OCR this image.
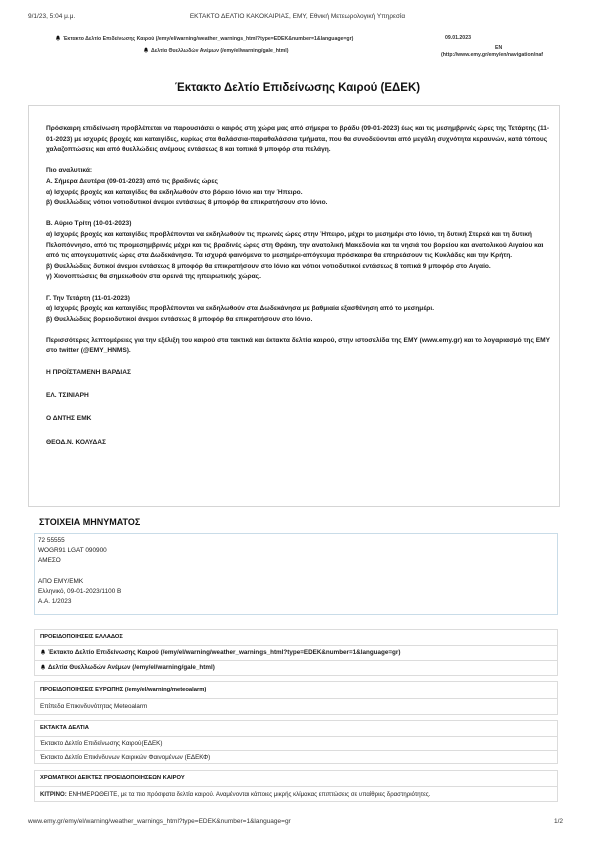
9/1/23, 5:04 μ.μ.	ΕΚΤΑΚΤΟ ΔΕΛΤΙΟ ΚΑΚΟΚΑΙΡΙΑΣ, ΕΜΥ, Εθνική Μετεωρολογική Υπηρεσία
Έκτακτο Δελτίο Επιδείνωσης Καιρού (/emy/el/warning/weather_warnings_html?type=EDEK&number=1&language=gr)
Δελτία Θυελλωδών Ανέμων (/emy/el/warning/gale_html)
09.01.2023
EN
(http://www.emy.gr/emy/en/navigation/naf
Έκτακτο Δελτίο Επιδείνωσης Καιρού (ΕΔΕΚ)

Πρόσκαιρη επιδείνωση προβλέπεται να παρουσιάσει ο καιρός στη χώρα μας από σήμερα το βράδυ (09-01-2023) έως και τις μεσημβρινές ώρες της Τετάρτης (11-01-2023) με ισχυρές βροχές και καταιγίδες, κυρίως στα θαλάσσια-παραθαλάσσια τμήματα, που θα συνοδεύονται από μεγάλη συχνότητα κεραυνών, κατά τόπους χαλαζοπτώσεις και από θυελλώδεις ανέμους εντάσεως 8 και τοπικά 9 μποφόρ στα πελάγη.

Πιο αναλυτικά:
Α. Σήμερα Δευτέρα (09-01-2023) από τις βραδινές ώρες
α) Ισχυρές βροχές και καταιγίδες θα εκδηλωθούν στο βόρειο Ιόνιο και την Ήπειρο.
β) Θυελλώδεις νότιοι νοτιοδυτικοί άνεμοι εντάσεως 8 μποφόρ θα επικρατήσουν στο Ιόνιο.

Β. Αύριο Τρίτη (10-01-2023)
α) Ισχυρές βροχές και καταιγίδες προβλέπονται να εκδηλωθούν τις πρωινές ώρες στην Ήπειρο, μέχρι το μεσημέρι στο Ιόνιο, τη δυτική Στερεά και τη δυτική Πελοπόννησο, από τις προμεσημβρινές μέχρι και τις βραδινές ώρες στη Θράκη, την ανατολική Μακεδονία και τα νησιά του βορείου και ανατολικού Αιγαίου και από τις απογευματινές ώρες στα Δωδεκάνησα. Τα ισχυρά φαινόμενα το μεσημέρι-απόγευμα πρόσκαιρα θα επηρεάσουν τις Κυκλάδες και την Κρήτη.
β) Θυελλώδεις δυτικοί άνεμοι εντάσεως 8 μποφόρ θα επικρατήσουν στο Ιόνιο και νότιοι νοτιοδυτικοί εντάσεως 8 τοπικά 9 μποφόρ στο Αιγαίο.
γ) Χιονοπτώσεις θα σημειωθούν στα ορεινά της ηπειρωτικής χώρας.

Γ. Την Τετάρτη (11-01-2023)
α) Ισχυρές βροχές και καταιγίδες προβλέπονται να εκδηλωθούν στα Δωδεκάνησα με βαθμιαία εξασθένηση από το μεσημέρι.
β) Θυελλώδεις βορειοδυτικοί άνεμοι εντάσεως 8 μποφόρ θα επικρατήσουν στο Ιόνιο.

Περισσότερες λεπτομέρειες για την εξέλιξη του καιρού στα τακτικά και έκτακτα δελτία καιρού, στην ιστοσελίδα της ΕΜΥ (www.emy.gr) και το λογαριασμό της ΕΜΥ στο twitter (@EMY_HNMS).

Η ΠΡΟΪΣΤΑΜΕΝΗ ΒΑΡΔΙΑΣ

ΕΛ. ΤΣΙΝΙΑΡΗ

Ο ΔΝΤΗΣ ΕΜΚ

ΘΕΟΔ.Ν. ΚΟΛΥΔΑΣ

ΣΤΟΙΧΕΙΑ ΜΗΝΥΜΑΤΟΣ
72 55555
WOGR91 LGAT 090900
ΑΜΕΣΟ
ΑΠΟ ΕΜΥ/ΕΜΚ
Ελληνικό, 09-01-2023/1100 Β
Α.Α. 1/2023
ΠΡΟΕΙΔΟΠΟΙΗΣΕΙΣ ΕΛΛΑΔΟΣ
Έκτακτο Δελτίο Επιδείνωσης Καιρού (/emy/el/warning/weather_warnings_html?type=EDEK&number=1&language=gr)
Δελτία Θυελλωδών Ανέμων (/emy/el/warning/gale_html)
ΠΡΟΕΙΔΟΠΟΙΗΣΕΙΣ ΕΥΡΩΠΗΣ (/emy/el/warning/meteoalarm)
Επίπεδα Επικινδυνότητας Meteoalarm
ΕΚΤΑΚΤΑ ΔΕΛΤΙΑ
Έκτακτο Δελτίο Επιδείνωσης Καιρού(ΕΔΕΚ)
Έκτακτο Δελτίο Επικίνδυνων Καιρικών Φαινομένων (ΕΔΕΚΦ)
ΧΡΩΜΑΤΙΚΟΙ ΔΕΙΚΤΕΣ ΠΡΟΕΙΔΟΠΟΙΗΣΕΩΝ ΚΑΙΡΟΥ
ΚΙΤΡΙΝΟ: ΕΝΗΜΕΡΩΘΕΙΤΕ, με τα πιο πρόσφατα δελτία καιρού. Αναμένονται κάποιες μικρής κλίμακας επιπτώσεις σε υπαίθριες δραστηριότητες.
www.emy.gr/emy/el/warning/weather_warnings_html?type=EDEK&number=1&language=gr	1/2
